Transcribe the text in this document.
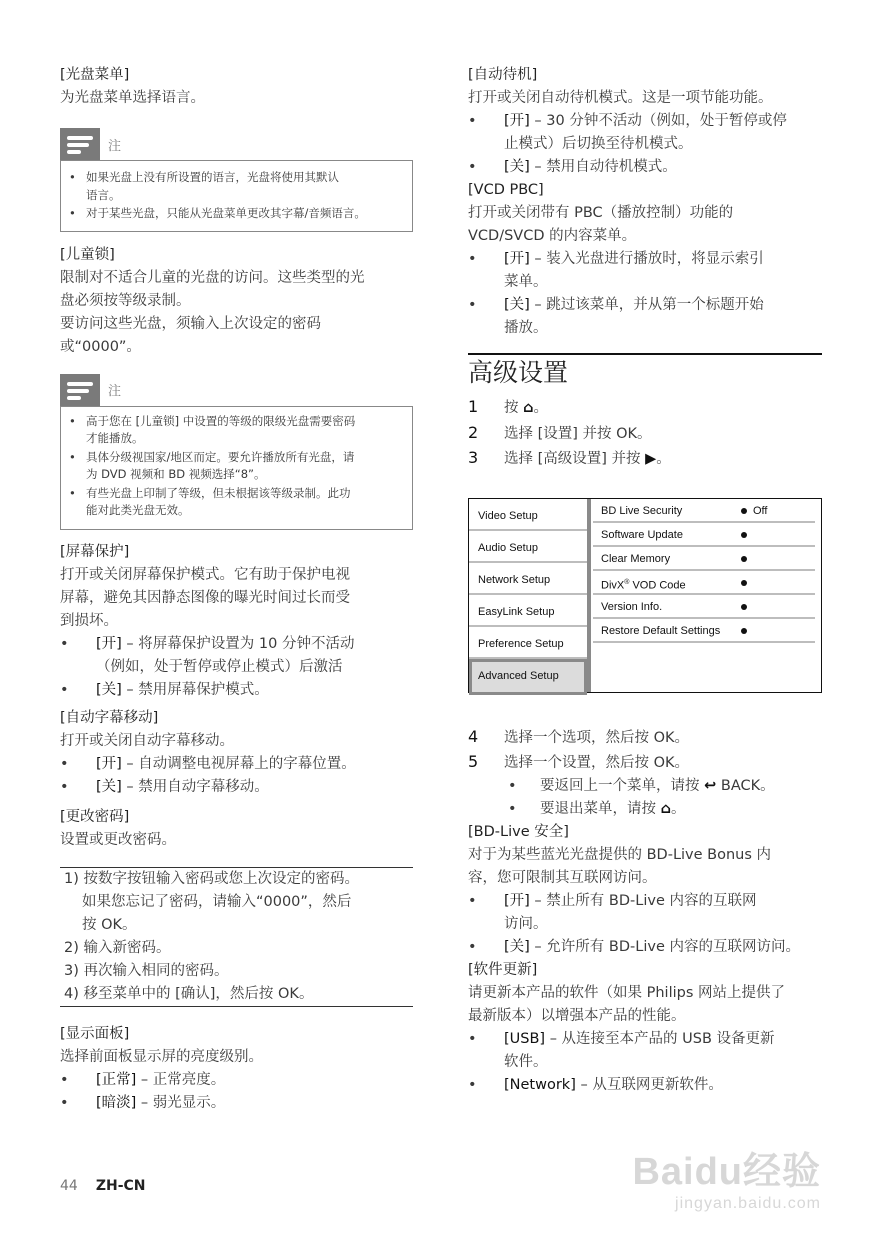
[光盘菜单]
为光盘菜单选择语言。
注
• 如果光盘上没有所设置的语言，光盘将使用其默认
语言。
• 对于某些光盘，只能从光盘菜单更改其字幕/音频语言。
[儿童锁]
限制对不适合儿童的光盘的访问。这些类型的光
盘必须按等级录制。
要访问这些光盘，须输入上次设定的密码
或“0000”。
注
• 高于您在 [儿童锁] 中设置的等级的限级光盘需要密码
才能播放。
• 具体分级视国家/地区而定。要允许播放所有光盘，请
为 DVD 视频和 BD 视频选择“8”。
• 有些光盘上印制了等级，但未根据该等级录制。此功
能对此类光盘无效。
[屏幕保护]
打开或关闭屏幕保护模式。它有助于保护电视
屏幕，避免其因静态图像的曝光时间过长而受
到损坏。
• [开] – 将屏幕保护设置为 10 分钟不活动
（例如，处于暂停或停止模式）后激活
• [关] – 禁用屏幕保护模式。
[自动字幕移动]
打开或关闭自动字幕移动。
• [开] – 自动调整电视屏幕上的字幕位置。
• [关] – 禁用自动字幕移动。
[更改密码]
设置或更改密码。
1) 按数字按钮输入密码或您上次设定的密码。
如果您忘记了密码，请输入“0000”，然后
按 OK。
2) 输入新密码。
3) 再次输入相同的密码。
4) 移至菜单中的 [确认]，然后按 OK。
[显示面板]
选择前面板显示屏的亮度级别。
• [正常] – 正常亮度。
• [暗淡] – 弱光显示。
[自动待机]
打开或关闭自动待机模式。这是一项节能功能。
• [开] – 30 分钟不活动（例如，处于暂停或停
止模式）后切换至待机模式。
• [关] – 禁用自动待机模式。
[VCD PBC]
打开或关闭带有 PBC（播放控制）功能的
VCD/SVCD 的内容菜单。
• [开] – 装入光盘进行播放时，将显示索引
菜单。
• [关] – 跳过该菜单，并从第一个标题开始
播放。
高级设置
1 按 ⌂。
2 选择 [设置] 并按 OK。
3 选择 [高级设置] 并按 ▶。
Video Setup
Audio Setup
Network Setup
EasyLink Setup
Preference Setup
Advanced Setup
BD Live Security	Off
Software Update
Clear Memory
DivX® VOD Code
Version Info.
Restore Default Settings
4 选择一个选项，然后按 OK。
5 选择一个设置，然后按 OK。
• 要返回上一个菜单，请按 ↩ BACK。
• 要退出菜单，请按 ⌂。
[BD-Live 安全]
对于为某些蓝光光盘提供的 BD-Live Bonus 内
容，您可限制其互联网访问。
• [开] – 禁止所有 BD-Live 内容的互联网
访问。
• [关] – 允许所有 BD-Live 内容的互联网访问。
[软件更新]
请更新本产品的软件（如果 Philips 网站上提供了
最新版本）以增强本产品的性能。
• [USB] – 从连接至本产品的 USB 设备更新
软件。
• [Network] – 从互联网更新软件。
44 ZH-CN	Baidu经验
jingyan.baidu.com
